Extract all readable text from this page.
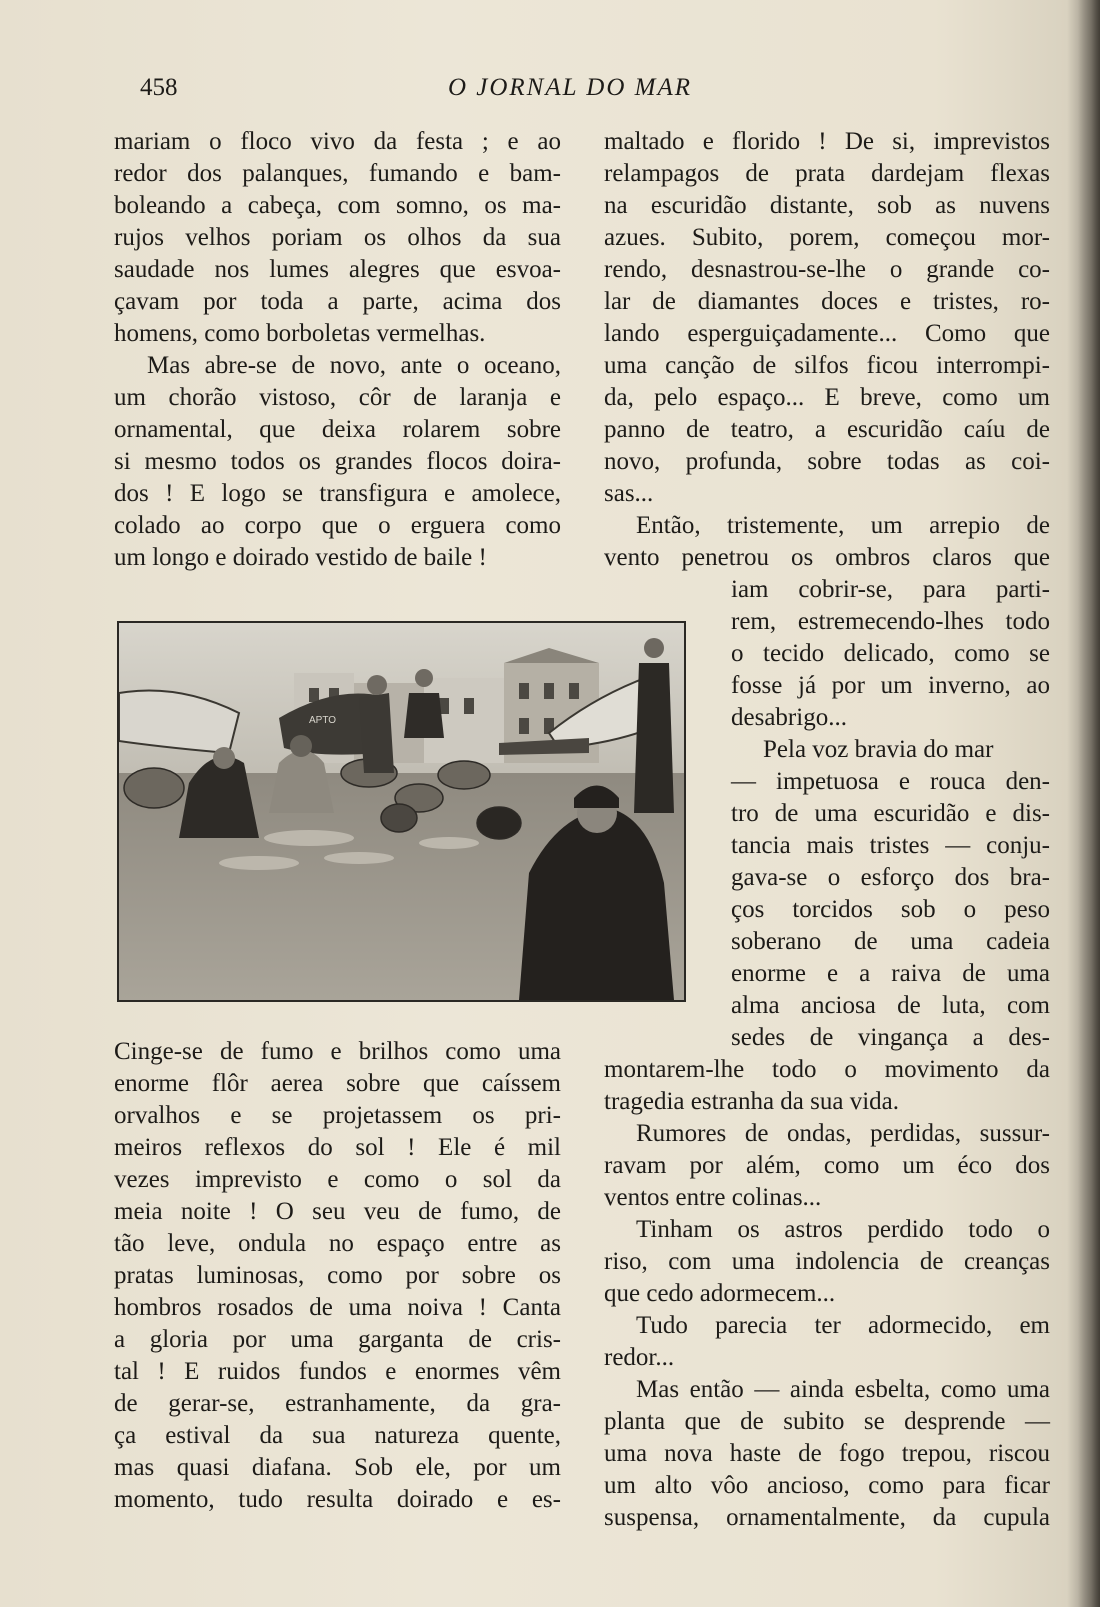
458	O JORNAL DO MAR
mariam o floco vivo da festa ; e ao
redor dos palanques, fumando e bam-
boleando a cabeça, com somno, os ma-
rujos velhos poriam os olhos da sua
saudade nos lumes alegres que esvoa-
çavam por toda a parte, acima dos
homens, como borboletas vermelhas.
Mas abre-se de novo, ante o oceano,
um chorão vistoso, côr de laranja e
ornamental, que deixa rolarem sobre
si mesmo todos os grandes flocos doira-
dos ! E logo se transfigura e amolece,
colado ao corpo que o erguera como
um longo e doirado vestido de baile !
Cinge-se de fumo e brilhos como uma
enorme flôr aerea sobre que caíssem
orvalhos e se projetassem os pri-
meiros reflexos do sol ! Ele é mil
vezes imprevisto e como o sol da
meia noite ! O seu veu de fumo, de
tão leve, ondula no espaço entre as
pratas luminosas, como por sobre os
hombros rosados de uma noiva ! Canta
a gloria por uma garganta de cris-
tal ! E ruidos fundos e enormes vêm
de gerar-se, estranhamente, da gra-
ça estival da sua natureza quente,
mas quasi diafana. Sob ele, por um
momento, tudo resulta doirado e es-
maltado e florido ! De si, imprevistos
relampagos de prata dardejam flexas
na escuridão distante, sob as nuvens
azues. Subito, porem, começou mor-
rendo, desnastrou-se-lhe o grande co-
lar de diamantes doces e tristes, ro-
lando esperguiçadamente... Como que
uma canção de silfos ficou interrompi-
da, pelo espaço... E breve, como um
panno de teatro, a escuridão caíu de
novo, profunda, sobre todas as coi-
sas...
Então, tristemente, um arrepio de
vento penetrou os ombros claros que
iam cobrir-se, para parti-
rem, estremecendo-lhes todo
o tecido delicado, como se
fosse já por um inverno, ao
desabrigo...
Pela voz bravia do mar
— impetuosa e rouca den-
tro de uma escuridão e dis-
tancia mais tristes — conju-
gava-se o esforço dos bra-
ços torcidos sob o peso
soberano de uma cadeia
enorme e a raiva de uma
alma anciosa de luta, com
sedes de vingança a des-
montarem-lhe todo o movimento da
tragedia estranha da sua vida.
Rumores de ondas, perdidas, sussur-
ravam por além, como um éco dos
ventos entre colinas...
Tinham os astros perdido todo o
riso, com uma indolencia de creanças
que cedo adormecem...
Tudo parecia ter adormecido, em
redor...
Mas então — ainda esbelta, como uma
planta que de subito se desprende —
uma nova haste de fogo trepou, riscou
um alto vôo ancioso, como para ficar
suspensa, ornamentalmente, da cupula
APTO
